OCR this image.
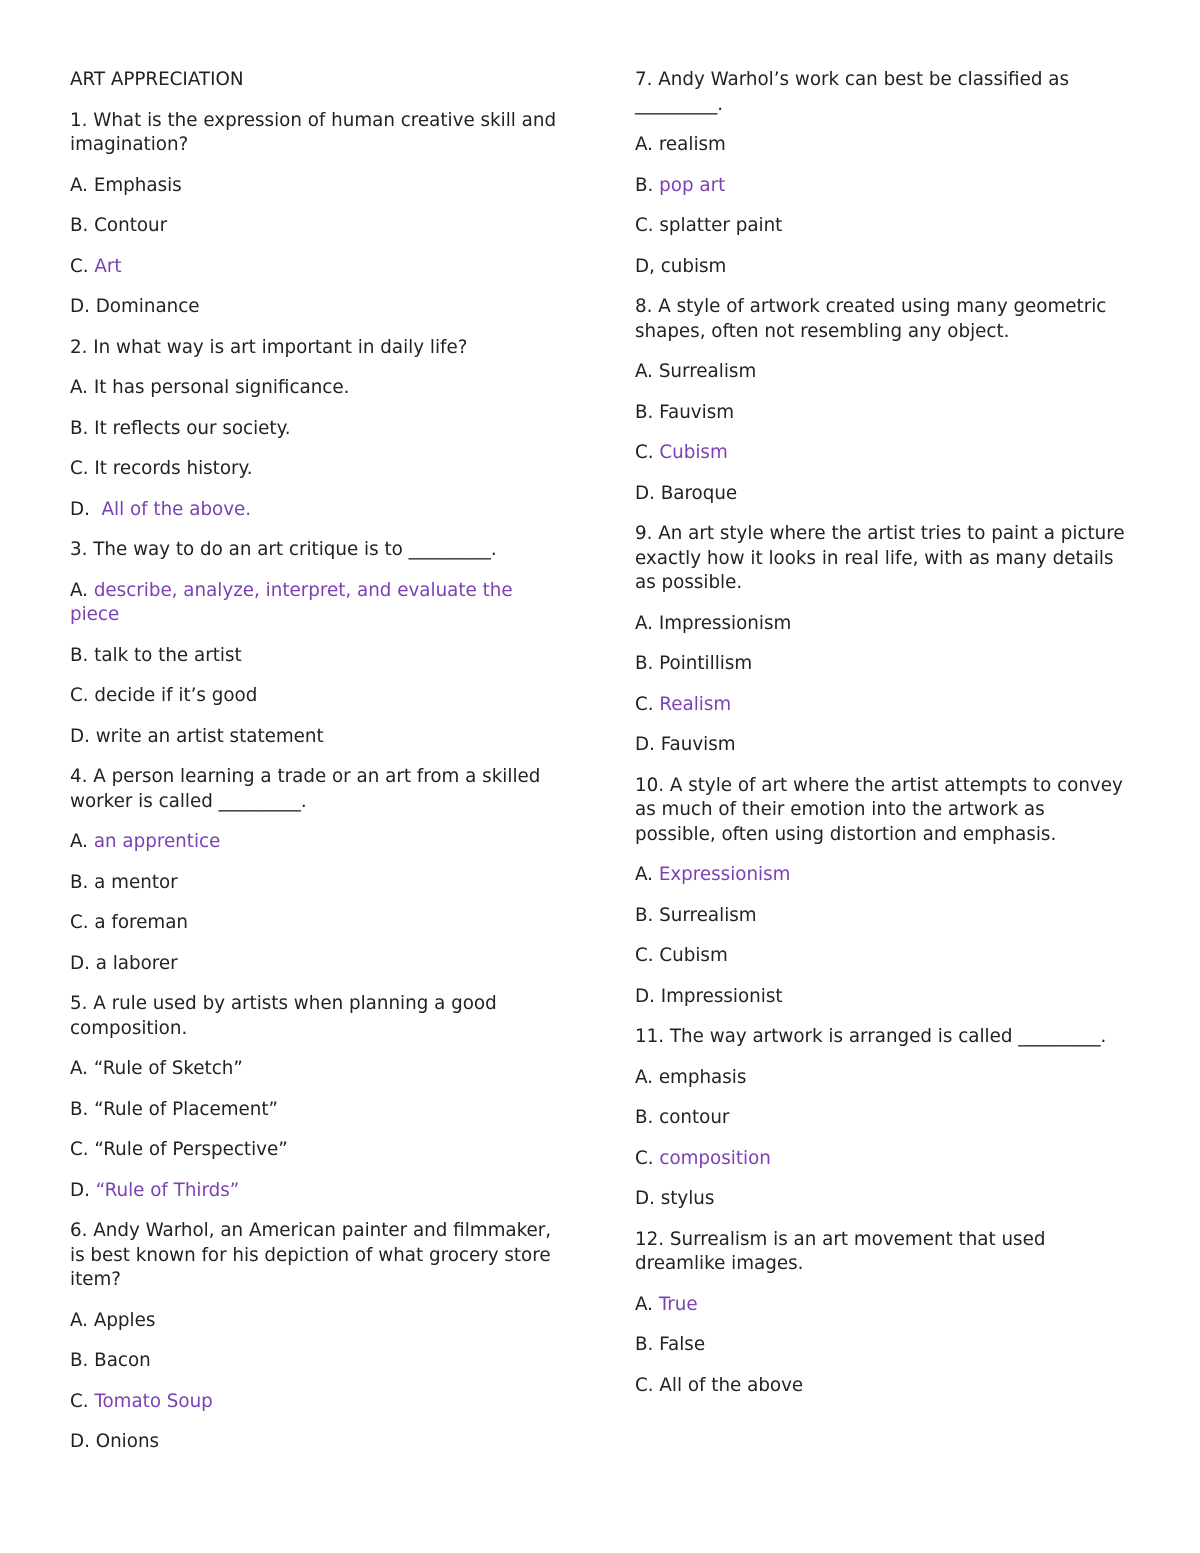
ART APPRECIATION

1. What is the expression of human creative skill and imagination?

A. Emphasis

B. Contour

C. Art

D. Dominance

2. In what way is art important in daily life?

A. It has personal significance.

B. It reflects our society.

C. It records history.

D.  All of the above.

3. The way to do an art critique is to _________.

A. describe, analyze, interpret, and evaluate the piece

B. talk to the artist

C. decide if it’s good

D. write an artist statement

4. A person learning a trade or an art from a skilled worker is called _________.

A. an apprentice

B. a mentor

C. a foreman

D. a laborer

5. A rule used by artists when planning a good composition.

A. “Rule of Sketch”

B. “Rule of Placement”

C. “Rule of Perspective”

D. “Rule of Thirds”

6. Andy Warhol, an American painter and filmmaker, is best known for his depiction of what grocery store item?

A. Apples

B. Bacon

C. Tomato Soup

D. Onions

7. Andy Warhol’s work can best be classified as _________.

A. realism

B. pop art

C. splatter paint

D, cubism

8. A style of artwork created using many geometric shapes, often not resembling any object.

A. Surrealism

B. Fauvism

C. Cubism

D. Baroque

9. An art style where the artist tries to paint a picture exactly how it looks in real life, with as many details as possible.

A. Impressionism

B. Pointillism

C. Realism

D. Fauvism

10. A style of art where the artist attempts to convey as much of their emotion into the artwork as possible, often using distortion and emphasis.

A. Expressionism

B. Surrealism

C. Cubism

D. Impressionist

11. The way artwork is arranged is called _________.

A. emphasis

B. contour

C. composition

D. stylus

12. Surrealism is an art movement that used dreamlike images.

A. True

B. False

C. All of the above
